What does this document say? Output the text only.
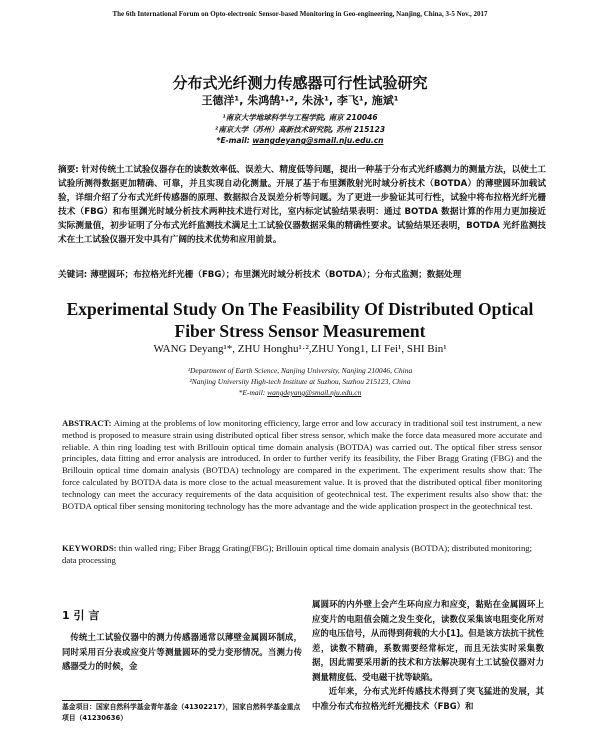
The 6th International Forum on Opto-electronic Sensor-based Monitoring in Geo-engineering, Nanjing, China, 3-5 Nov., 2017
分布式光纤测力传感器可行性试验研究
王德洋¹, 朱鸿鹄¹·², 朱泳¹, 李飞¹, 施斌¹
¹南京大学地球科学与工程学院, 南京 210046
²南京大学（苏州）高新技术研究院, 苏州 215123
*E-mail: wangdeyang@smail.nju.edu.cn
摘要: 针对传统土工试验仪器存在的读数效率低、误差大、精度低等问题，提出一种基于分布式光纤感测力的测量方法，以使土工试验所测得数据更加精确、可靠，并且实现自动化测量。开展了基于布里渊散射光时域分析技术（BOTDA）的薄壁圆环加载试验，详细介绍了分布式光纤传感器的原理、数据拟合及误差分析等问题。为了更进一步验证其可行性，试验中将布拉格光纤光栅技术（FBG）和布里渊光时域分析技术两种技术进行对比，室内标定试验结果表明：通过 BOTDA 数据计算的作用力更加接近实际测量值，初步证明了分布式光纤监测技术满足土工试验仪器数据采集的精确性要求。试验结果还表明，BOTDA 光纤监测技术在土工试验仪器开发中具有广阔的技术优势和应用前景。
关键词: 薄壁圆环；布拉格光纤光栅（FBG）；布里渊光时域分析技术（BOTDA）；分布式监测；数据处理
Experimental Study On The Feasibility Of Distributed Optical
Fiber Stress Sensor Measurement
WANG Deyang¹*, ZHU Honghu¹·²,ZHU Yong1, LI Fei¹, SHI Bin¹
¹Department of Earth Science, Nanjing University, Nanjing 210046, China
²Nanjing University High-tech Institute at Suzhou, Suzhou 215123, China
*E-mail: wangdeyang@smail.nju.edu.cn
ABSTRACT: Aiming at the problems of low monitoring efficiency, large error and low accuracy in traditional soil test instrument, a new method is proposed to measure strain using distributed optical fiber stress sensor, which make the force data measured more accurate and reliable. A thin ring loading test with Brillouin optical time domain analysis (BOTDA) was carried out. The optical fiber stress sensor principles, data fitting and error analysis are introduced. In order to further verify its feasibility, the Fiber Bragg Grating (FBG) and the Brillouin optical time domain analysis (BOTDA) technology are compared in the experiment. The experiment results show that: The force calculated by BOTDA data is more close to the actual measurement value. It is proved that the distributed optical fiber monitoring technology can meet the accuracy requirements of the data acquisition of geotechnical test. The experiment results also show that: the BOTDA optical fiber sensing monitoring technology has the more advantage and the wide application prospect in the geotechnical test.
KEYWORDS: thin walled ring; Fiber Bragg Grating(FBG); Brillouin optical time domain analysis (BOTDA); distributed monitoring; data processing
1 引 言
传统土工试验仪器中的测力传感器通常以薄壁金属圆环制成，同时采用百分表或应变片等测量圆环的受力变形情况。当测力传感器受力的时候，金
属圆环的内外壁上会产生环向应力和应变，黏贴在金属圆环上应变片的电阻值会随之发生变化，读数仪采集该电阻变化所对应的电压信号，从而得到荷载的大小[1]。但是该方法抗干扰性差，读数不精确，系数需要经常标定，而且无法实时采集数据，因此需要采用新的技术和方法解决现有土工试验仪器对力测量精度低、受电磁干扰等缺陷。
近年来，分布式光纤传感技术得到了突飞猛进的发展，其中准分布式布拉格光纤光栅技术（FBG）和
基金项目：国家自然科学基金青年基金（41302217），国家自然科学基金重点项目（41230636）
